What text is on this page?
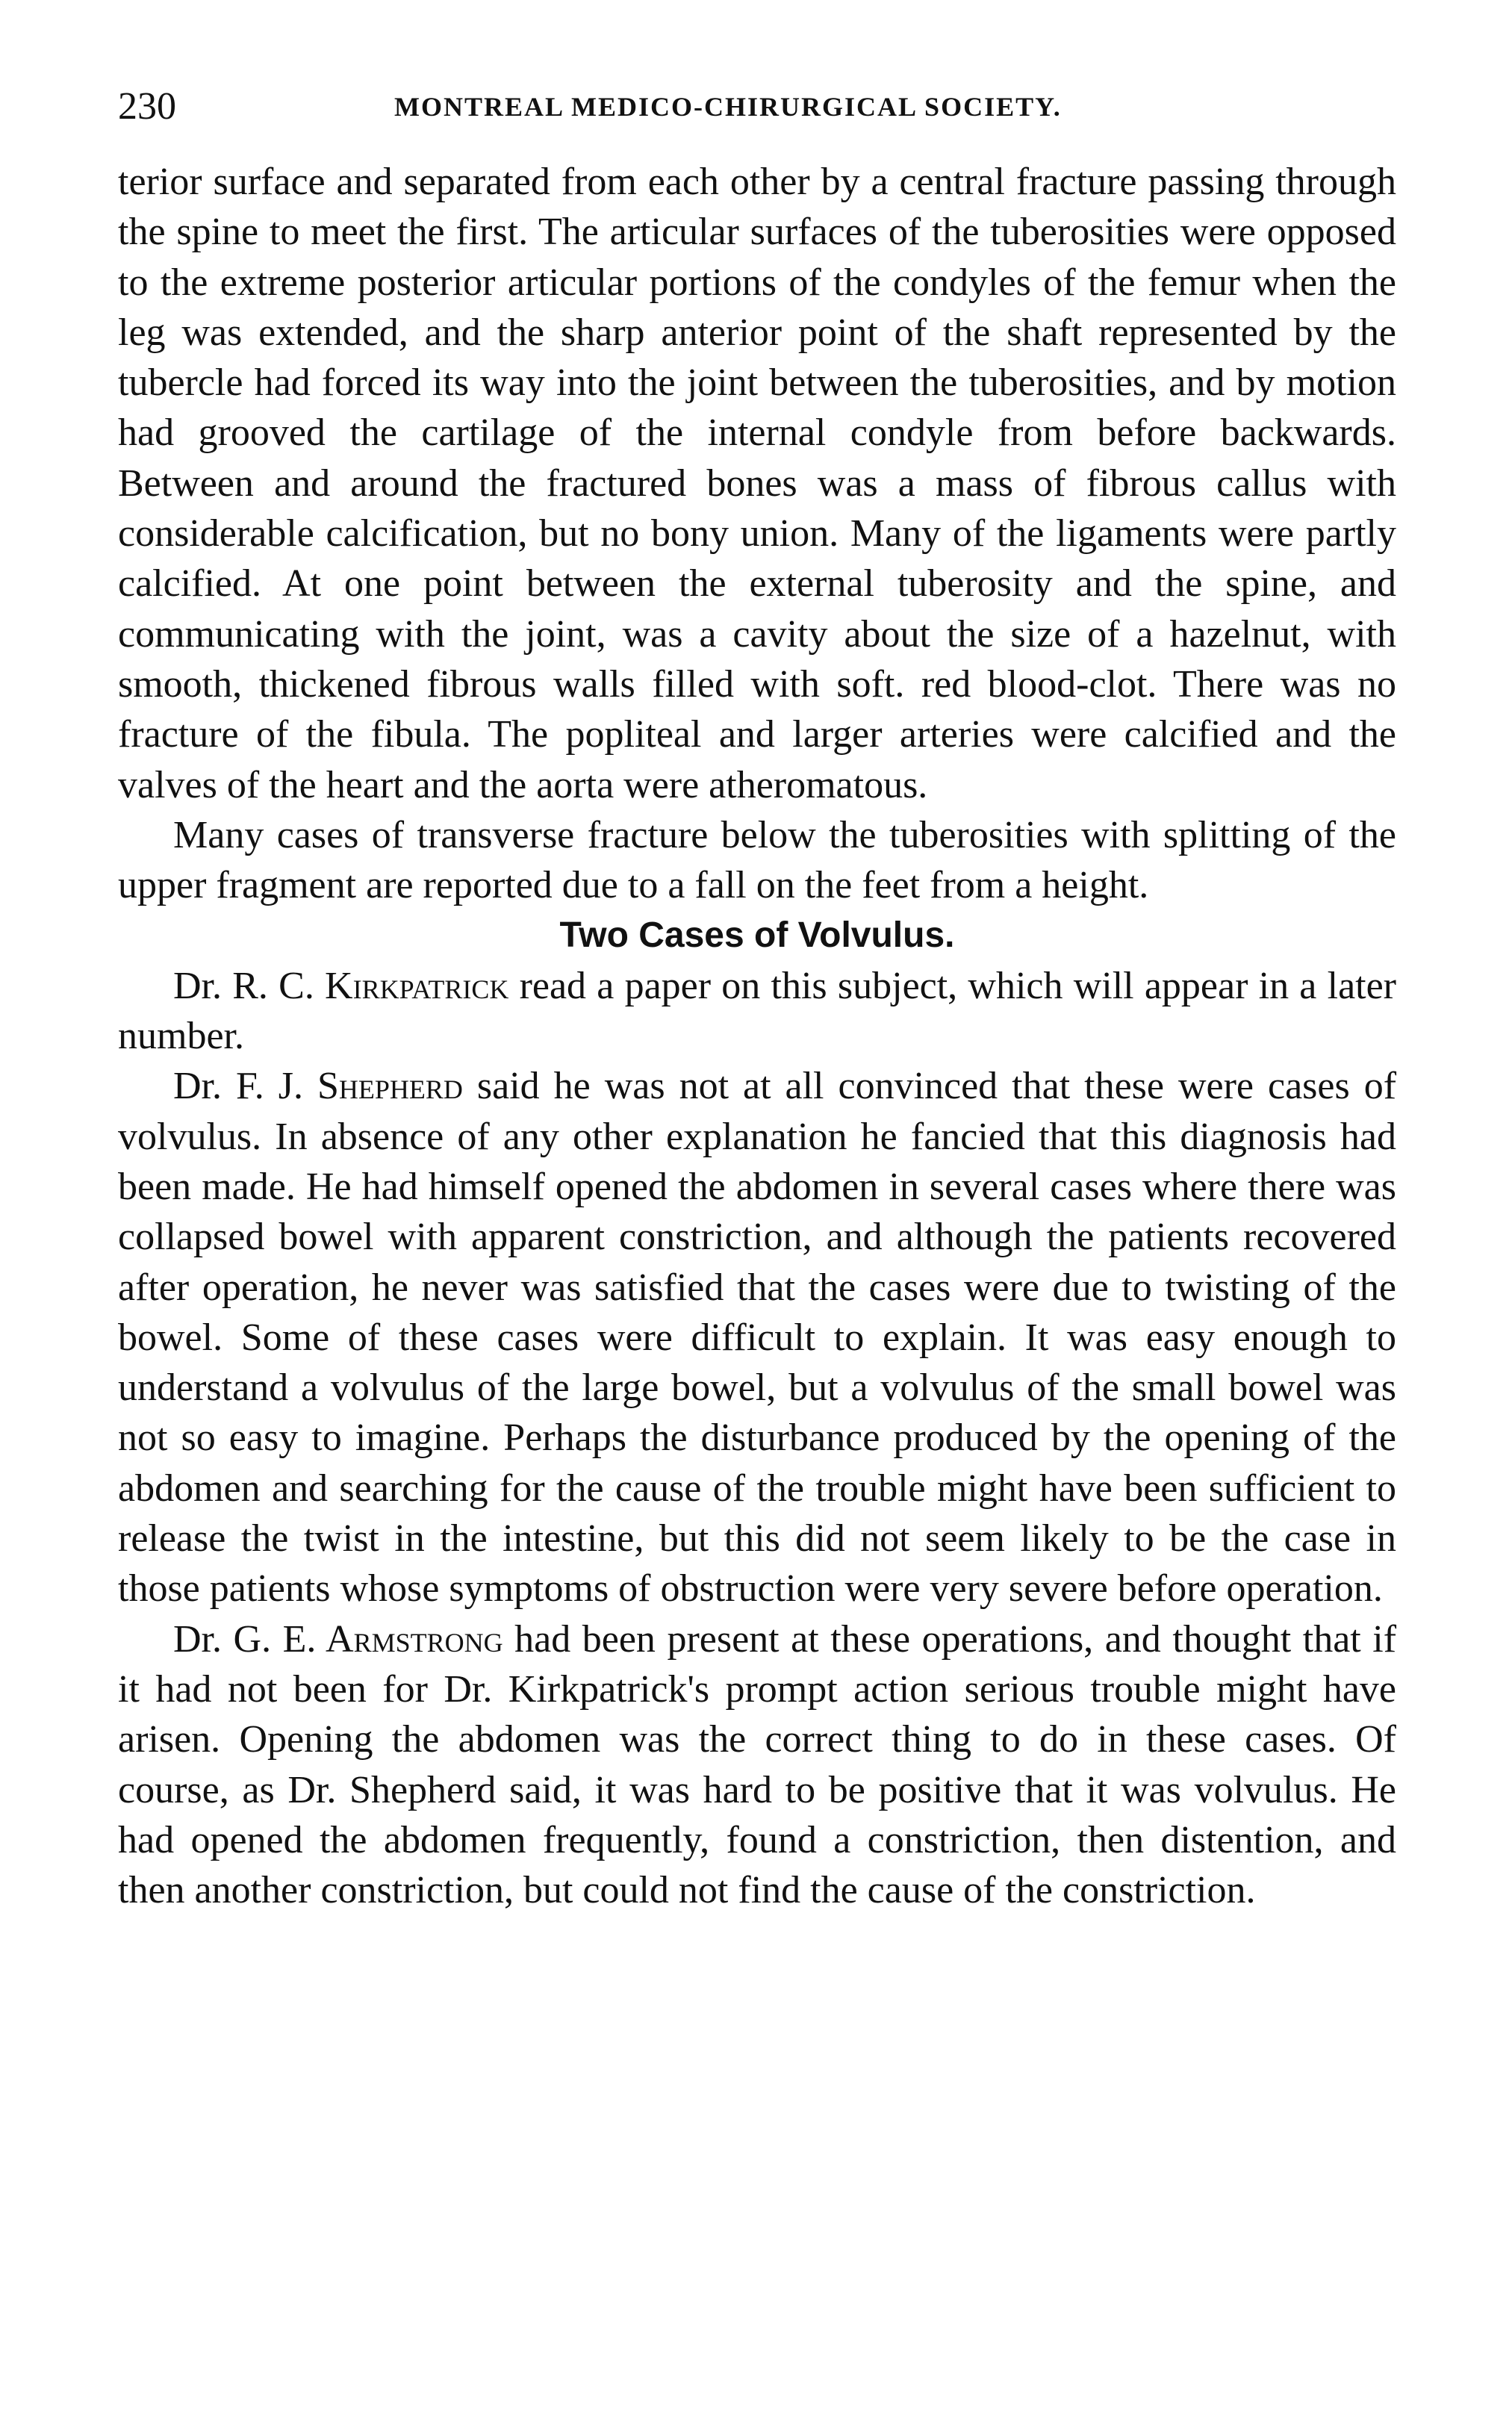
230	MONTREAL MEDICO-CHIRURGICAL SOCIETY.

terior surface and separated from each other by a central fracture passing through the spine to meet the first. The articular surfaces of the tuberosities were opposed to the extreme posterior articular portions of the condyles of the femur when the leg was extended, and the sharp anterior point of the shaft represented by the tubercle had forced its way into the joint between the tuberosities, and by motion had grooved the cartilage of the internal condyle from before backwards. Between and around the fractured bones was a mass of fibrous callus with considerable calcification, but no bony union. Many of the ligaments were partly calcified. At one point between the external tuberosity and the spine, and communicating with the joint, was a cavity about the size of a hazelnut, with smooth, thickened fibrous walls filled with soft. red blood-clot. There was no fracture of the fibula. The popliteal and larger arteries were calcified and the valves of the heart and the aorta were atheromatous.

Many cases of transverse fracture below the tuberosities with splitting of the upper fragment are reported due to a fall on the feet from a height.

Two Cases of Volvulus.

Dr. R. C. Kirkpatrick read a paper on this subject, which will appear in a later number.

Dr. F. J. Shepherd said he was not at all convinced that these were cases of volvulus. In absence of any other explanation he fancied that this diagnosis had been made. He had himself opened the abdomen in several cases where there was collapsed bowel with apparent constriction, and although the patients recovered after operation, he never was satisfied that the cases were due to twisting of the bowel. Some of these cases were difficult to explain. It was easy enough to understand a volvulus of the large bowel, but a volvulus of the small bowel was not so easy to imagine. Perhaps the disturbance produced by the opening of the abdomen and searching for the cause of the trouble might have been sufficient to release the twist in the intestine, but this did not seem likely to be the case in those patients whose symptoms of obstruction were very severe before operation.

Dr. G. E. Armstrong had been present at these operations, and thought that if it had not been for Dr. Kirkpatrick's prompt action serious trouble might have arisen. Opening the abdomen was the correct thing to do in these cases. Of course, as Dr. Shepherd said, it was hard to be positive that it was volvulus. He had opened the abdomen frequently, found a constriction, then distention, and then another constriction, but could not find the cause of the constriction.
